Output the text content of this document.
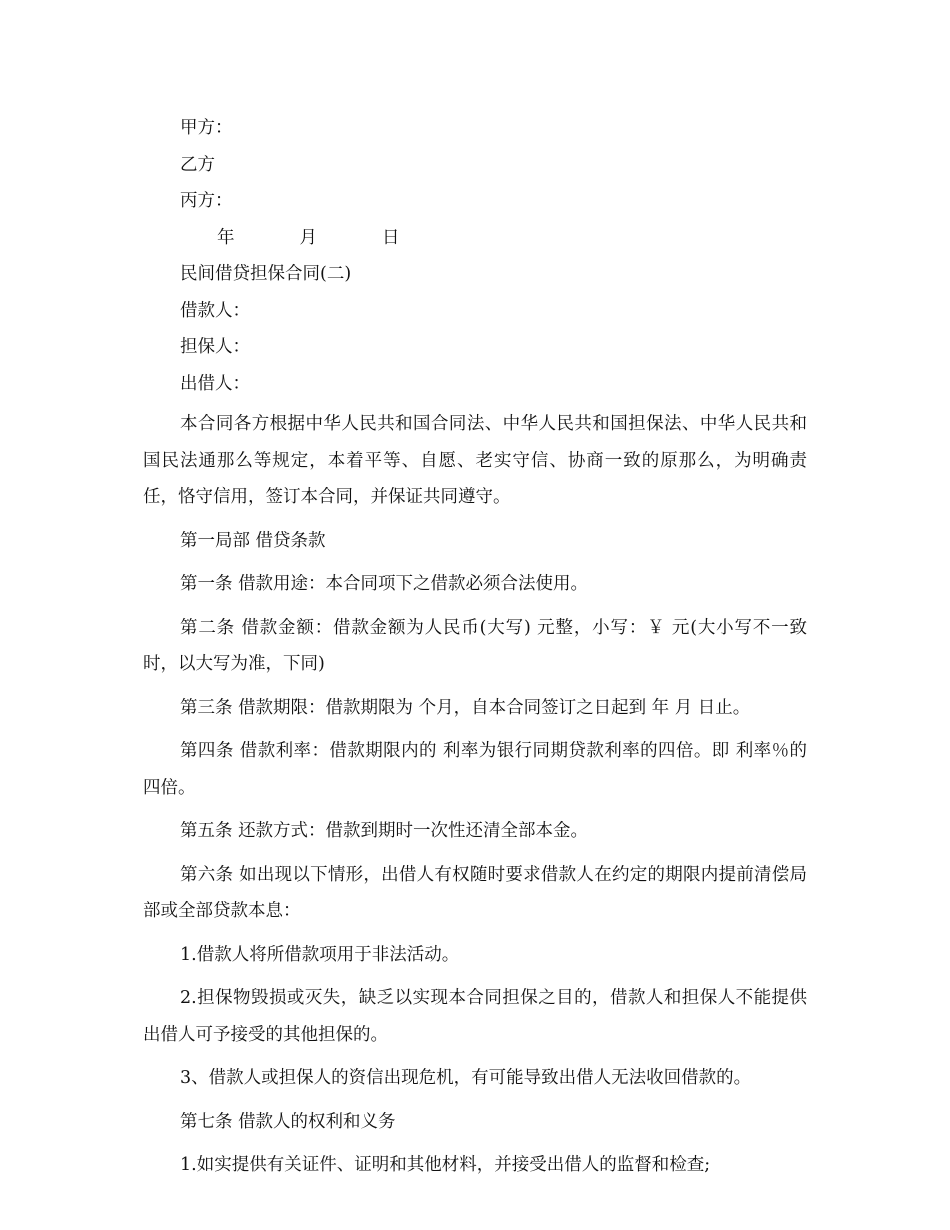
甲方：

乙方

丙方：

年	月	日

民间借贷担保合同(二)

借款人：

担保人：

出借人：

本合同各方根据中华人民共和国合同法、中华人民共和国担保法、中华人民共和国民法通那么等规定，本着平等、自愿、老实守信、协商一致的原那么，为明确责任，恪守信用，签订本合同，并保证共同遵守。

第一局部 借贷条款

第一条 借款用途：本合同项下之借款必须合法使用。

第二条 借款金额：借款金额为人民币(大写) 元整，小写：￥ 元(大小写不一致时，以大写为准，下同)

第三条 借款期限：借款期限为 个月，自本合同签订之日起到 年 月 日止。

第四条 借款利率：借款期限内的 利率为银行同期贷款利率的四倍。即 利率％的四倍。

第五条 还款方式：借款到期时一次性还清全部本金。

第六条 如出现以下情形，出借人有权随时要求借款人在约定的期限内提前清偿局部或全部贷款本息：

1.借款人将所借款项用于非法活动。

2.担保物毁损或灭失，缺乏以实现本合同担保之目的，借款人和担保人不能提供出借人可予接受的其他担保的。

3、借款人或担保人的资信出现危机，有可能导致出借人无法收回借款的。

第七条 借款人的权利和义务

1.如实提供有关证件、证明和其他材料，并接受出借人的监督和检查;
